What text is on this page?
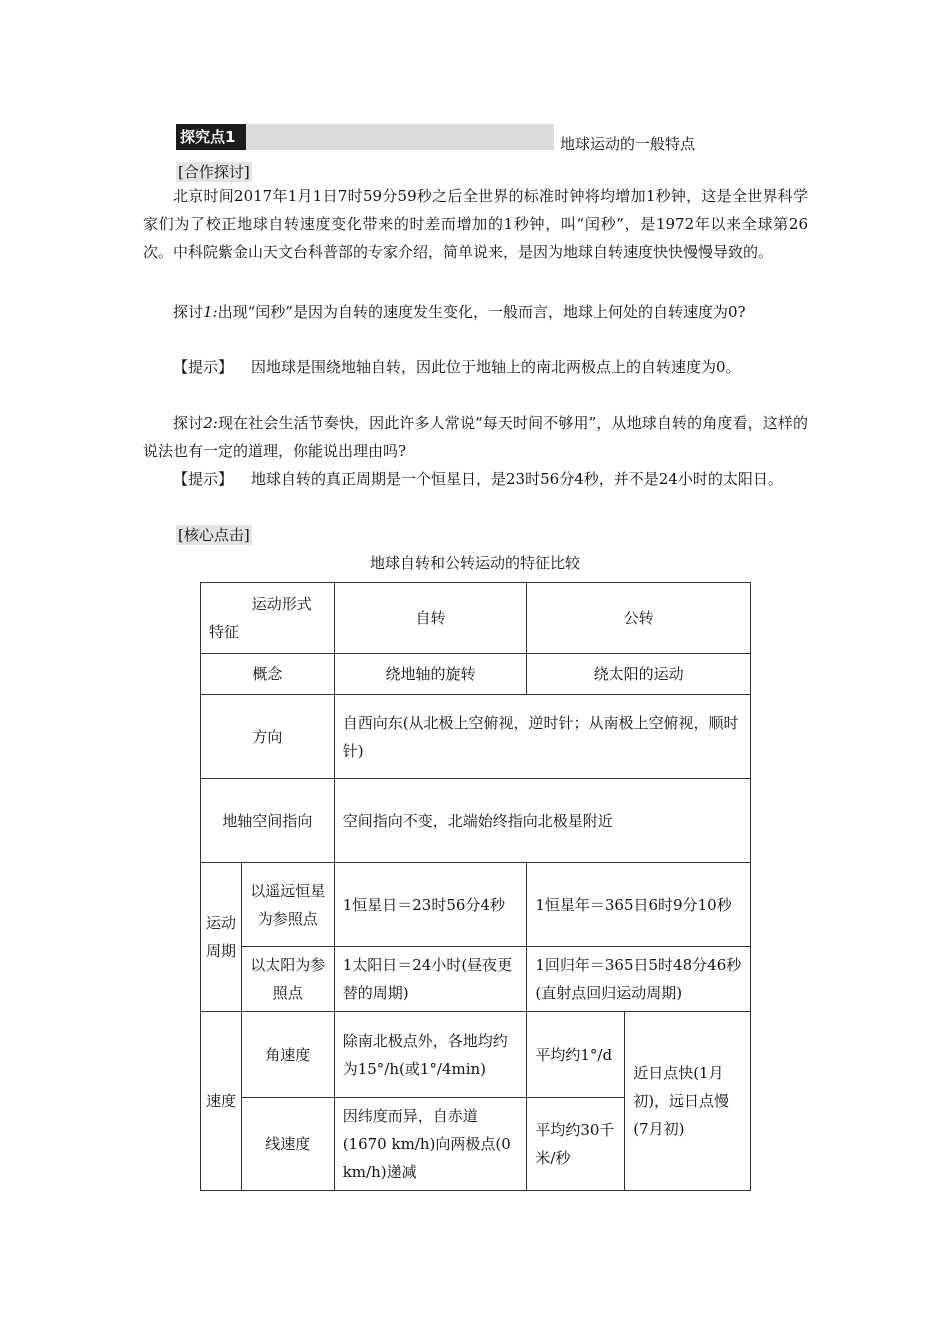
探究点1	地球运动的一般特点
[合作探讨]
北京时间2017年1月1日7时59分59秒之后全世界的标准时钟将均增加1秒钟，这是全世界科学家们为了校正地球自转速度变化带来的时差而增加的1秒钟，叫“闰秒”，是1972年以来全球第26次。中科院紫金山天文台科普部的专家介绍，简单说来，是因为地球自转速度快快慢慢导致的。
探讨1:出现“闰秒”是因为自转的速度发生变化，一般而言，地球上何处的自转速度为0?
【提示】 因地球是围绕地轴自转，因此位于地轴上的南北两极点上的自转速度为0。
探讨2:现在社会生活节奏快，因此许多人常说“每天时间不够用”，从地球自转的角度看，这样的说法也有一定的道理，你能说出理由吗?
【提示】 地球自转的真正周期是一个恒星日，是23时56分4秒，并不是24小时的太阳日。
[核心点击]
地球自转和公转运动的特征比较
运动形式
特征		自转	公转	
概念		绕地轴的旋转	绕太阳的运动	
方向		自西向东(从北极上空俯视，逆时针；从南极上空俯视，顺时针)		
地轴空间指向		空间指向不变，北端始终指向北极星附近		
运动周期	以遥远恒星为参照点	1恒星日＝23时56分4秒	1恒星年＝365日6时9分10秒	
	以太阳为参照点	1太阳日＝24小时(昼夜更替的周期)	1回归年＝365日5时48分46秒(直射点回归运动周期)	
速度	角速度	除南北极点外，各地均约为15°/h(或1°/4min)	平均约1°/d	近日点快(1月初)，远日点慢(7月初)
	线速度	因纬度而异，自赤道(1670 km/h)向两极点(0 km/h)递减	平均约30千米/秒	
